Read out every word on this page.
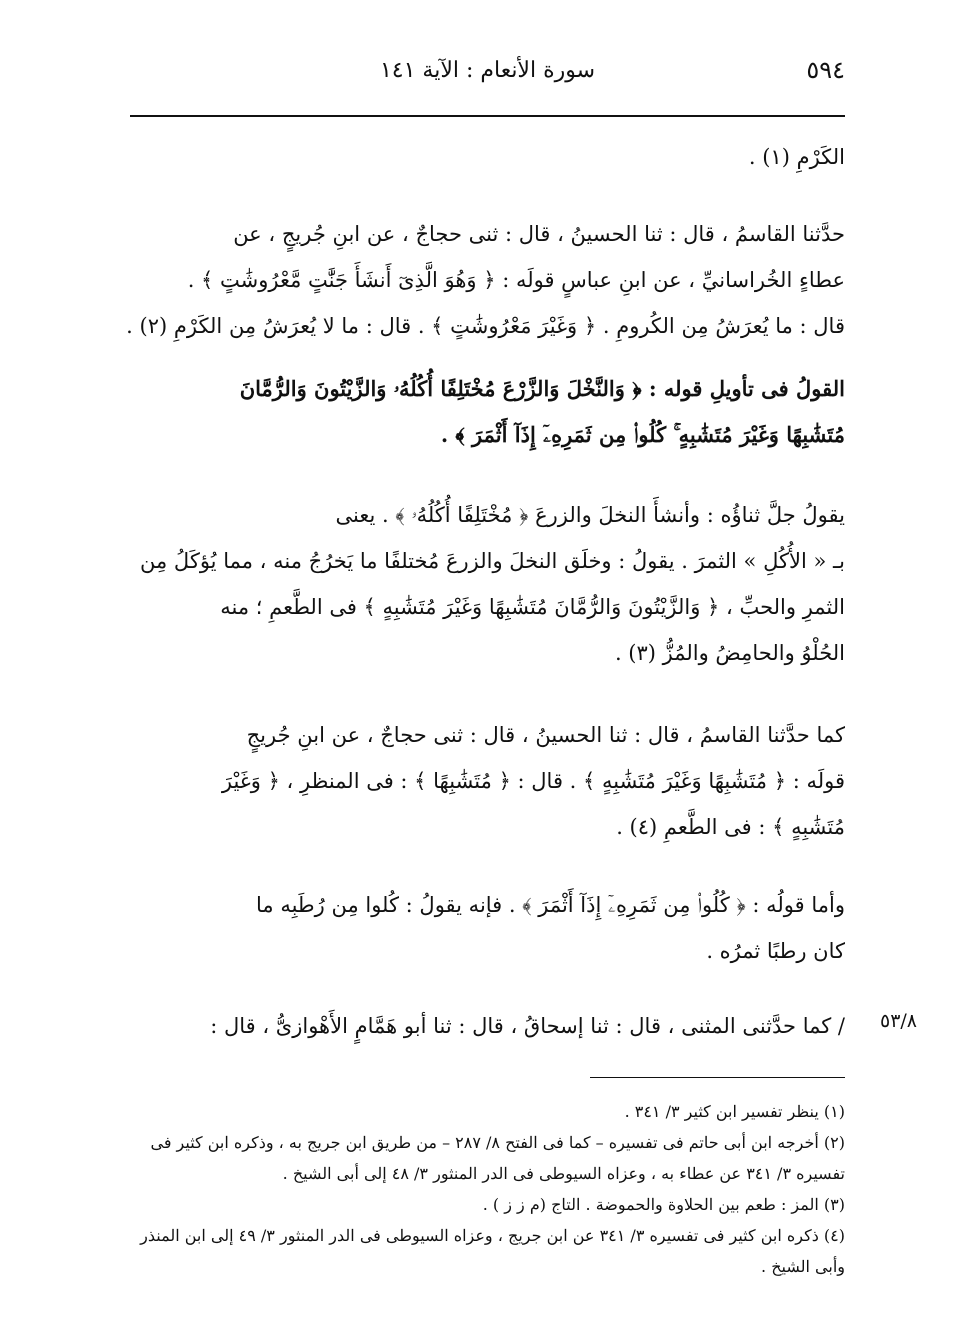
٥٩٤
سورة الأنعام : الآية ١٤١
الكَرْمِ (١) .
حدَّثنا القاسمُ ، قال : ثنا الحسينُ ، قال : ثنى حجاجٌ ، عن ابنِ جُريجٍ ، عن
عطاءٍ الخُراسانيِّ ، عن ابنِ عباسٍ قولَه : ﴿ وَهُوَ الَّذِىٓ أَنشَأَ جَنَّٰتٍ مَّعْرُوشَٰتٍ ﴾ .
قال : ما يُعرَشُ مِن الكُرومِ . ﴿ وَغَيْرَ مَعْرُوشَٰتٍ ﴾ . قال : ما لا يُعرَشُ مِن الكَرْمِ (٢) .
القولُ فى تأويلِ قوله : ﴿ وَالنَّخْلَ وَالزَّرْعَ مُخْتَلِفًا أُكُلُهُۥ وَالزَّيْتُونَ وَالرُّمَّانَ
مُتَشَٰبِهًا وَغَيْرَ مُتَشَٰبِهٍ ۚ كُلُوا۟ مِن ثَمَرِهِۦٓ إِذَآ أَثْمَرَ ﴾ .
يقولُ جلَّ ثناؤُه : وأنشأَ النخلَ والزرعَ ﴿ مُخْتَلِفًا أُكُلُهُۥ ﴾ . يعنى
بـ « الأُكُلِ » الثمرَ . يقولُ : وخلَق النخلَ والزرعَ مُختلفًا ما يَخرُجُ منه ، مما يُؤكَلُ مِن
الثمرِ والحبِّ ، ﴿ وَالزَّيْتُونَ وَالرُّمَّانَ مُتَشَٰبِهًا وَغَيْرَ مُتَشَٰبِهٍ ﴾ فى الطَّعمِ ؛ منه
الحُلْوُ والحامِضُ والمُزُّ (٣) .
كما حدَّثنا القاسمُ ، قال : ثنا الحسينُ ، قال : ثنى حجاجٌ ، عن ابنِ جُريجٍ
قولَه : ﴿ مُتَشَٰبِهًا وَغَيْرَ مُتَشَٰبِهٍ ﴾ . قال : ﴿ مُتَشَٰبِهًا ﴾ : فى المنظرِ ، ﴿ وَغَيْرَ
مُتَشَٰبِهٍ ﴾ : فى الطَّعمِ (٤) .
وأما قولُه : ﴿ كُلُوا۟ مِن ثَمَرِهِۦٓ إِذَآ أَثْمَرَ ﴾ . فإنه يقولُ : كُلوا مِن رُطَبِه ما
كان رطبًا ثمرُه .
/ كما حدَّثنى المثنى ، قال : ثنا إسحاقُ ، قال : ثنا أبو هَمَّامٍ الأَهْوازىُّ ، قال : ٥٣/٨
(١) ينظر تفسير ابن كثير ٣/ ٣٤١ .
(٢) أخرجه ابن أبى حاتم فى تفسيره – كما فى الفتح ٨/ ٢٨٧ – من طريق ابن جريج به ، وذكره ابن كثير فى
تفسيره ٣/ ٣٤١ عن عطاء به ، وعزاه السيوطى فى الدر المنثور ٣/ ٤٨ إلى أبى الشيخ .
(٣) المز : طعم بين الحلاوة والحموضة . التاج (م ز ز ) .
(٤) ذكره ابن كثير فى تفسيره ٣/ ٣٤١ عن ابن جريج ، وعزاه السيوطى فى الدر المنثور ٣/ ٤٩ إلى ابن المنذر
وأبى الشيخ .
